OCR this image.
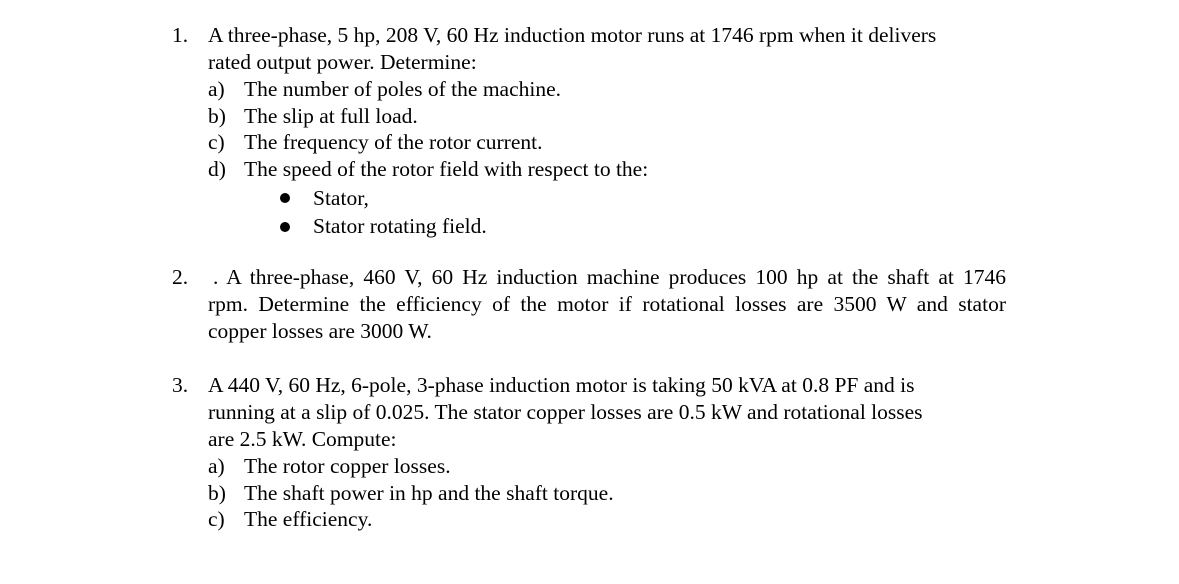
1. A three-phase, 5 hp, 208 V, 60 Hz induction motor runs at 1746 rpm when it delivers
rated output power. Determine:
a) The number of poles of the machine.
b) The slip at full load.
c) The frequency of the rotor current.
d) The speed of the rotor field with respect to the:
Stator,
Stator rotating field.
2. . A three-phase, 460 V, 60 Hz induction machine produces 100 hp at the shaft at 1746
rpm. Determine the efficiency of the motor if rotational losses are 3500 W and stator
copper losses are 3000 W.
3. A 440 V, 60 Hz, 6-pole, 3-phase induction motor is taking 50 kVA at 0.8 PF and is
running at a slip of 0.025. The stator copper losses are 0.5 kW and rotational losses
are 2.5 kW. Compute:
a) The rotor copper losses.
b) The shaft power in hp and the shaft torque.
c) The efficiency.
